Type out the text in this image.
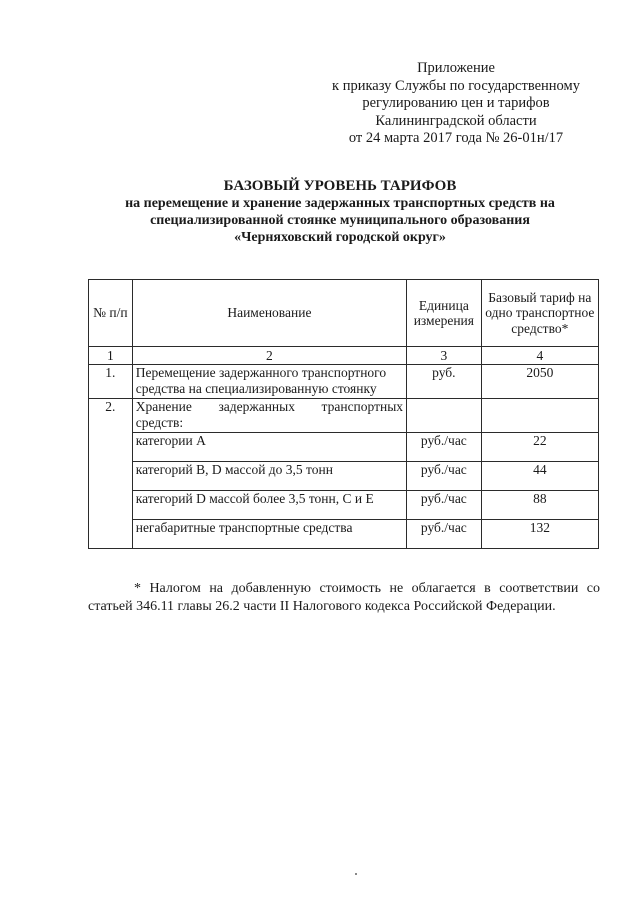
Приложение
к приказу Службы по государственному
регулированию цен и тарифов
Калининградской области
от 24 марта 2017 года № 26-01н/17
БАЗОВЫЙ УРОВЕНЬ ТАРИФОВ
на перемещение и хранение задержанных транспортных средств на
специализированной стоянке муниципального образования
«Черняховский городской округ»
№ п/п	Наименование	Единица измерения	Базовый тариф на одно транспортное средство*
1	2	3	4
1.	Перемещение задержанного транспортного средства на специализированную стоянку	руб.	2050
2.	Хранение задержанных транспортных средств:		
	категории А	руб./час	22
	категорий В, D массой до 3,5 тонн	руб./час	44
	категорий D массой более 3,5 тонн, С и Е	руб./час	88
	негабаритные транспортные средства	руб./час	132
* Налогом на добавленную стоимость не облагается в соответствии со статьей 346.11 главы 26.2 части II Налогового кодекса Российской Федерации.
